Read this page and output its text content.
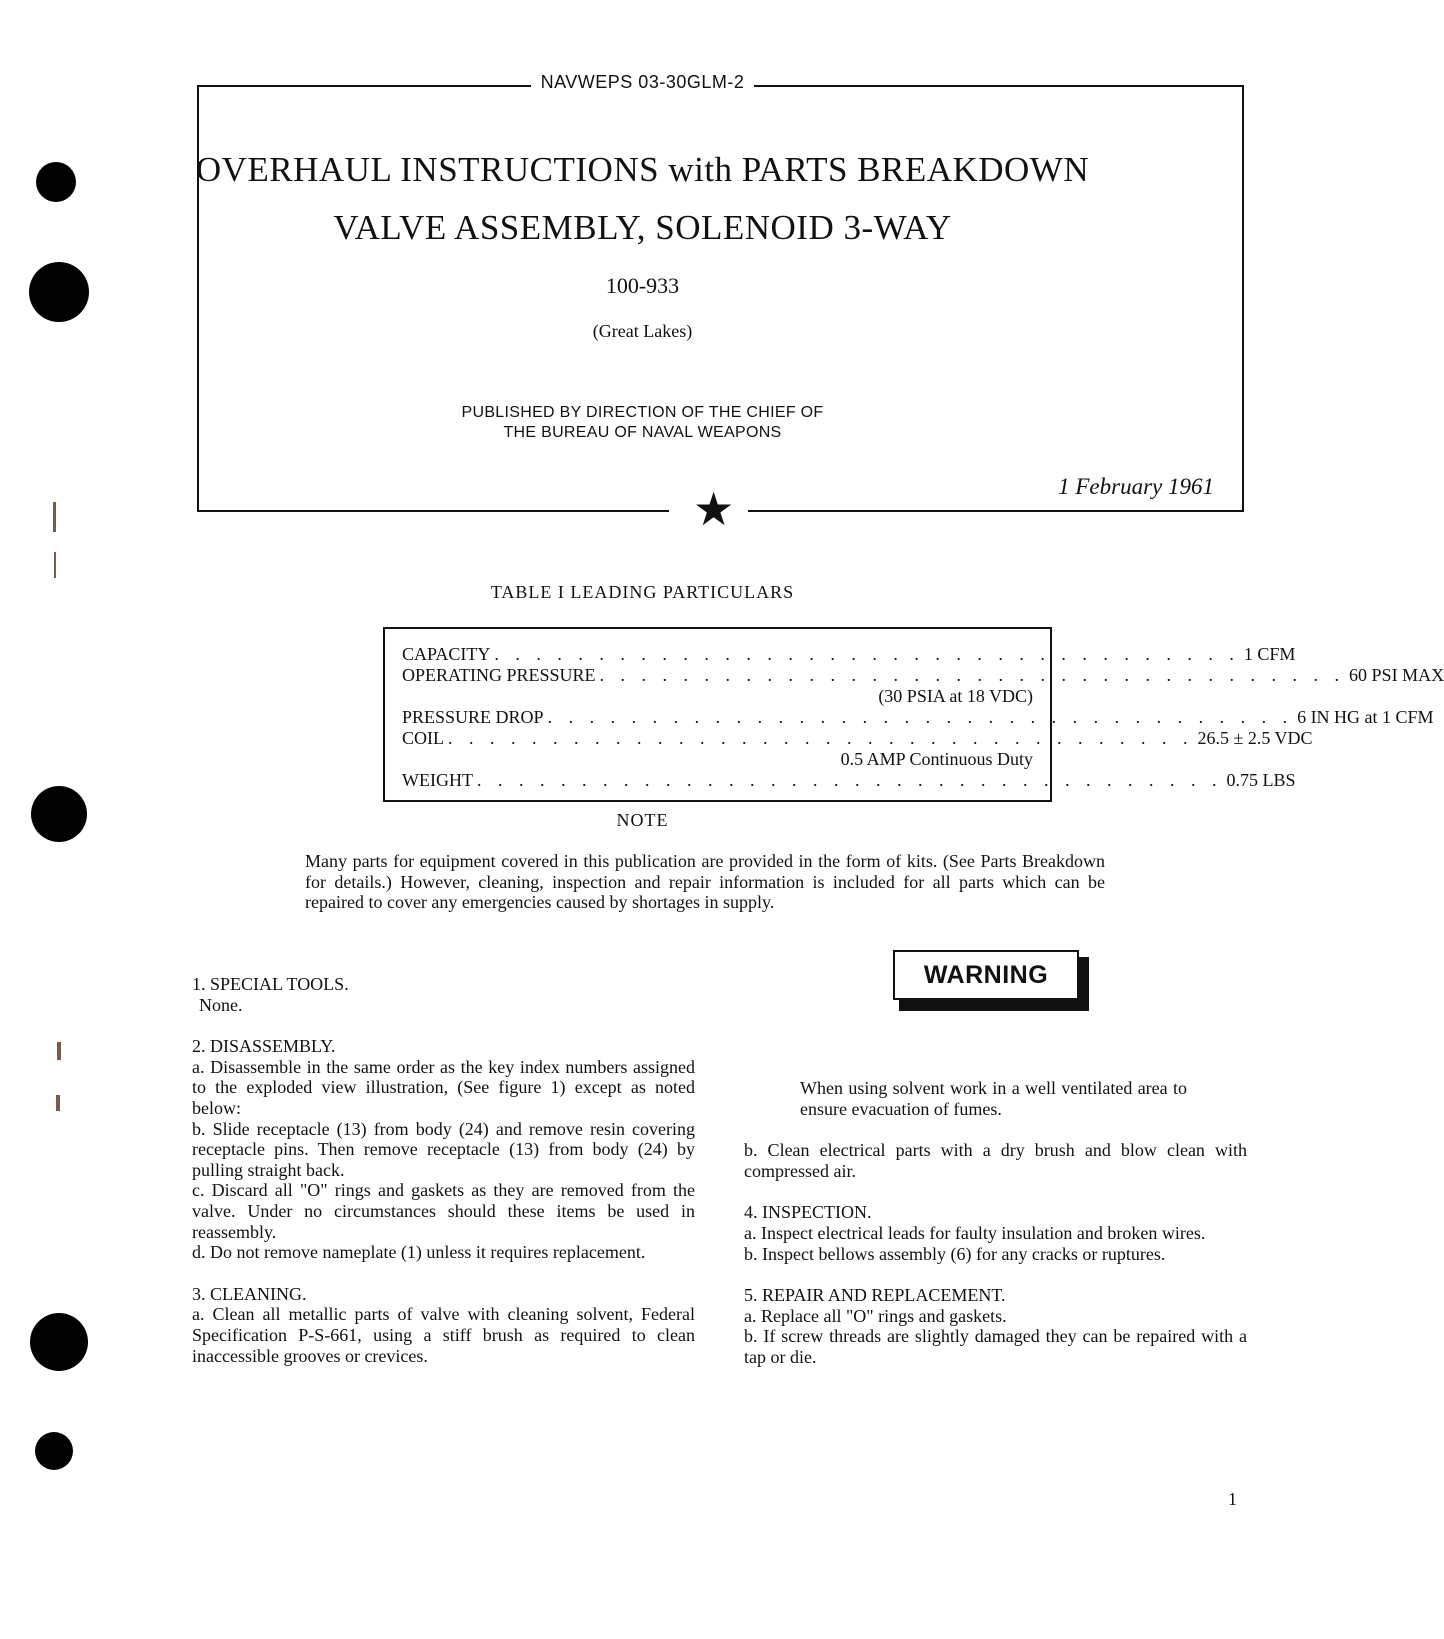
NAVWEPS 03-30GLM-2
★
OVERHAUL INSTRUCTIONS with PARTS BREAKDOWN
VALVE ASSEMBLY, SOLENOID 3-WAY
100-933
(Great Lakes)
PUBLISHED BY DIRECTION OF THE CHIEF OF
THE BUREAU OF NAVAL WEAPONS
1 February 1961
TABLE I LEADING PARTICULARS
CAPACITY . . . . . . . . . . . . . . . . . . . . . . . . . . . . . . . . . . . . 1 CFM
OPERATING PRESSURE . . . . . . . . . . . . . . . . . . . . . . . . . . . . . . . . . . . . 60 PSI MAX
(30 PSIA at 18 VDC)
PRESSURE DROP . . . . . . . . . . . . . . . . . . . . . . . . . . . . . . . . . . . . 6 IN HG at 1 CFM
COIL . . . . . . . . . . . . . . . . . . . . . . . . . . . . . . . . . . . . 26.5 ± 2.5 VDC
0.5 AMP Continuous Duty
WEIGHT . . . . . . . . . . . . . . . . . . . . . . . . . . . . . . . . . . . . 0.75 LBS
NOTE
Many parts for equipment covered in this publication are provided in the form of kits. (See Parts Breakdown for details.) However, cleaning, inspection and repair information is included for all parts which can be repaired to cover any emergencies caused by shortages in supply.

1. SPECIAL TOOLS.

None.

2. DISASSEMBLY.

a. Disassemble in the same order as the key index numbers assigned to the exploded view illustration, (See figure 1) except as noted below:

b. Slide receptacle (13) from body (24) and remove resin covering receptacle pins. Then remove receptacle (13) from body (24) by pulling straight back.

c. Discard all "O" rings and gaskets as they are removed from the valve. Under no circumstances should these items be used in reassembly.

d. Do not remove nameplate (1) unless it requires replacement.

3. CLEANING.

a. Clean all metallic parts of valve with cleaning solvent, Federal Specification P-S-661, using a stiff brush as required to clean inaccessible grooves or crevices.

WARNING

When using solvent work in a well ventilated area to ensure evacuation of fumes.

b. Clean electrical parts with a dry brush and blow clean with compressed air.

4. INSPECTION.

a. Inspect electrical leads for faulty insulation and broken wires.

b. Inspect bellows assembly (6) for any cracks or ruptures.

5. REPAIR AND REPLACEMENT.

a. Replace all "O" rings and gaskets.

b. If screw threads are slightly damaged they can be repaired with a tap or die.

1
